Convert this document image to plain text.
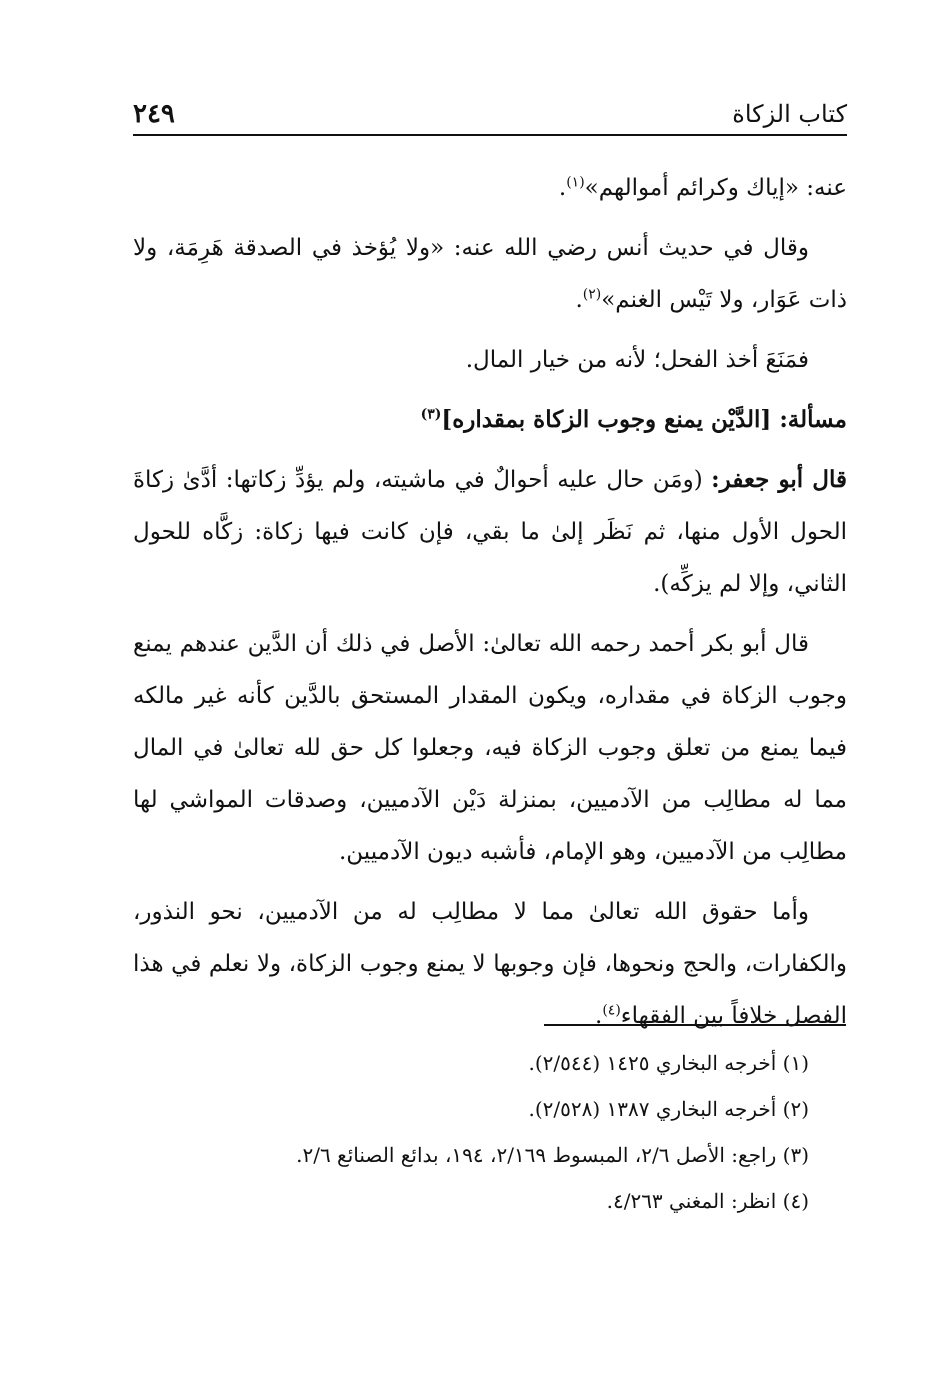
كتاب الزكاة
٢٤٩

عنه: «إياك وكرائم أموالهم»$^{(١)}$.

وقال في حديث أنس رضي الله عنه: «ولا يُؤخذ في الصدقة هَرِمَة، ولا ذات عَوَار، ولا تَيْس الغنم»$^{(٢)}$.

فمَنَعَ أخذ الفحل؛ لأنه من خيار المال.

مسألة: [الدَّيْن يمنع وجوب الزكاة بمقداره]$^{(٣)}$

قال أبو جعفر: (ومَن حال عليه أحوالٌ في ماشيته، ولم يؤدِّ زكاتها: أدَّىٰ زكاةَ الحول الأول منها، ثم نَظَر إلىٰ ما بقي، فإن كانت فيها زكاة: زكَّاه للحول الثاني، وإلا لم يزكِّه).

قال أبو بكر أحمد رحمه الله تعالىٰ: الأصل في ذلك أن الدَّين عندهم يمنع وجوب الزكاة في مقداره، ويكون المقدار المستحق بالدَّين كأنه غير مالكه فيما يمنع من تعلق وجوب الزكاة فيه، وجعلوا كل حق لله تعالىٰ في المال مما له مطالِب من الآدميين، بمنزلة دَيْن الآدميين، وصدقات المواشي لها مطالِب من الآدميين، وهو الإمام، فأشبه ديون الآدميين.

وأما حقوق الله تعالىٰ مما لا مطالِب له من الآدميين، نحو النذور، والكفارات، والحج ونحوها، فإن وجوبها لا يمنع وجوب الزكاة، ولا نعلم في هذا الفصل خلافاً بين الفقهاء$^{(٤)}$.

(١) أخرجه البخاري ١٤٢٥ (٢/٥٤٤).
(٢) أخرجه البخاري ١٣٨٧ (٢/٥٢٨).
(٣) راجع: الأصل ٢/٦، المبسوط ٢/١٦٩، ١٩٤، بدائع الصنائع ٢/٦.
(٤) انظر: المغني ٤/٢٦٣.
